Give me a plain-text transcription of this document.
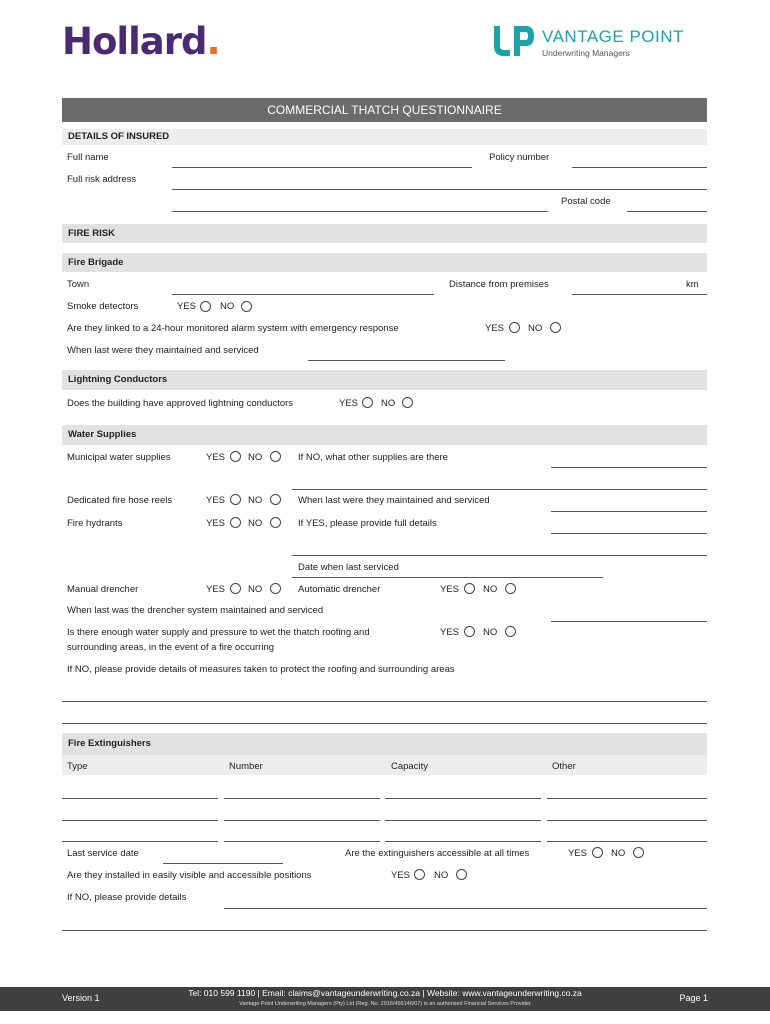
Hollard.	VANTAGE POINT
Underwriting Managers
COMMERCIAL THATCH QUESTIONNAIRE
DETAILS OF INSURED
Full name	Policy number
Full risk address
Postal code
FIRE RISK
Fire Brigade
Town	Distance from premises	km
Smoke detectors	YES	NO
Are they linked to a 24-hour monitored alarm system with emergency response	YES	NO
When last were they maintained and serviced
Lightning Conductors
Does the building have approved lightning conductors	YES NO
Water Supplies
Municipal water supplies	YES NO	If NO, what other supplies are there
Dedicated fire hose reels	YES NO	When last were they maintained and serviced
Fire hydrants	YES NO	If YES, please provide full details
Date when last serviced
Manual drencher	YES NO	Automatic drencher	YES	NO
When last was the drencher system maintained and serviced
Is there enough water supply and pressure to wet the thatch roofing and
surrounding areas, in the event of a fire occurring
YES	NO
If NO, please provide details of measures taken to protect the roofing and surrounding areas
Fire Extinguishers
Type	Number	Capacity	Other
Last service date	Are the extinguishers accessible at all times	YES	NO
Are they installed in easily visible and accessible positions	YES	NO
If NO, please provide details
Version 1	Tel: 010 599 1190 | Email: claims@vantageunderwriting.co.za | Website: www.vantageunderwriting.co.za
Vantage Point Underwriting Managers (Pty) Ltd (Reg. No. 2016/456146/07) is an authorised Financial Services Provider
Page 1
